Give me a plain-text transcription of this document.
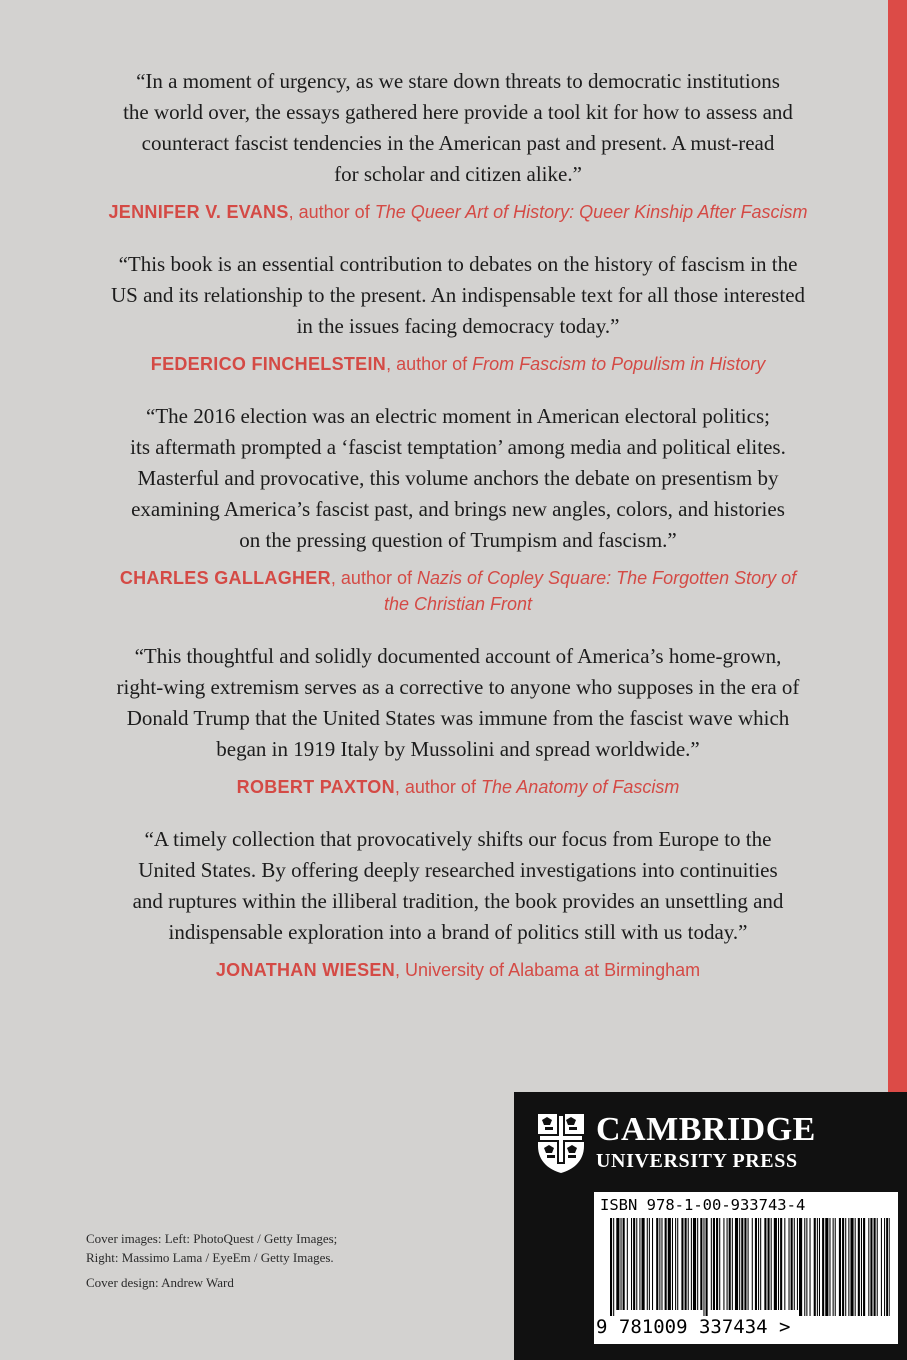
“In a moment of urgency, as we stare down threats to democratic institutions
the world over, the essays gathered here provide a tool kit for how to assess and
counteract fascist tendencies in the American past and present. A must-read
for scholar and citizen alike.”
JENNIFER V. EVANS, author of The Queer Art of History: Queer Kinship After Fascism
“This book is an essential contribution to debates on the history of fascism in the
US and its relationship to the present. An indispensable text for all those interested
in the issues facing democracy today.”
FEDERICO FINCHELSTEIN, author of From Fascism to Populism in History
“The 2016 election was an electric moment in American electoral politics;
its aftermath prompted a ‘fascist temptation’ among media and political elites.
Masterful and provocative, this volume anchors the debate on presentism by
examining America’s fascist past, and brings new angles, colors, and histories
on the pressing question of Trumpism and fascism.”
CHARLES GALLAGHER, author of Nazis of Copley Square: The Forgotten Story of
the Christian Front
“This thoughtful and solidly documented account of America’s home-grown,
right-wing extremism serves as a corrective to anyone who supposes in the era of
Donald Trump that the United States was immune from the fascist wave which
began in 1919 Italy by Mussolini and spread worldwide.”
ROBERT PAXTON, author of The Anatomy of Fascism
“A timely collection that provocatively shifts our focus from Europe to the
United States. By offering deeply researched investigations into continuities
and ruptures within the illiberal tradition, the book provides an unsettling and
indispensable exploration into a brand of politics still with us today.”
JONATHAN WIESEN, University of Alabama at Birmingham
Cover images: Left: PhotoQuest / Getty Images;
Right: Massimo Lama / EyeEm / Getty Images.
Cover design: Andrew Ward
CAMBRIDGE
UNIVERSITY PRESS
ISBN 978-1-00-933743-4
9 781009 337434 >
